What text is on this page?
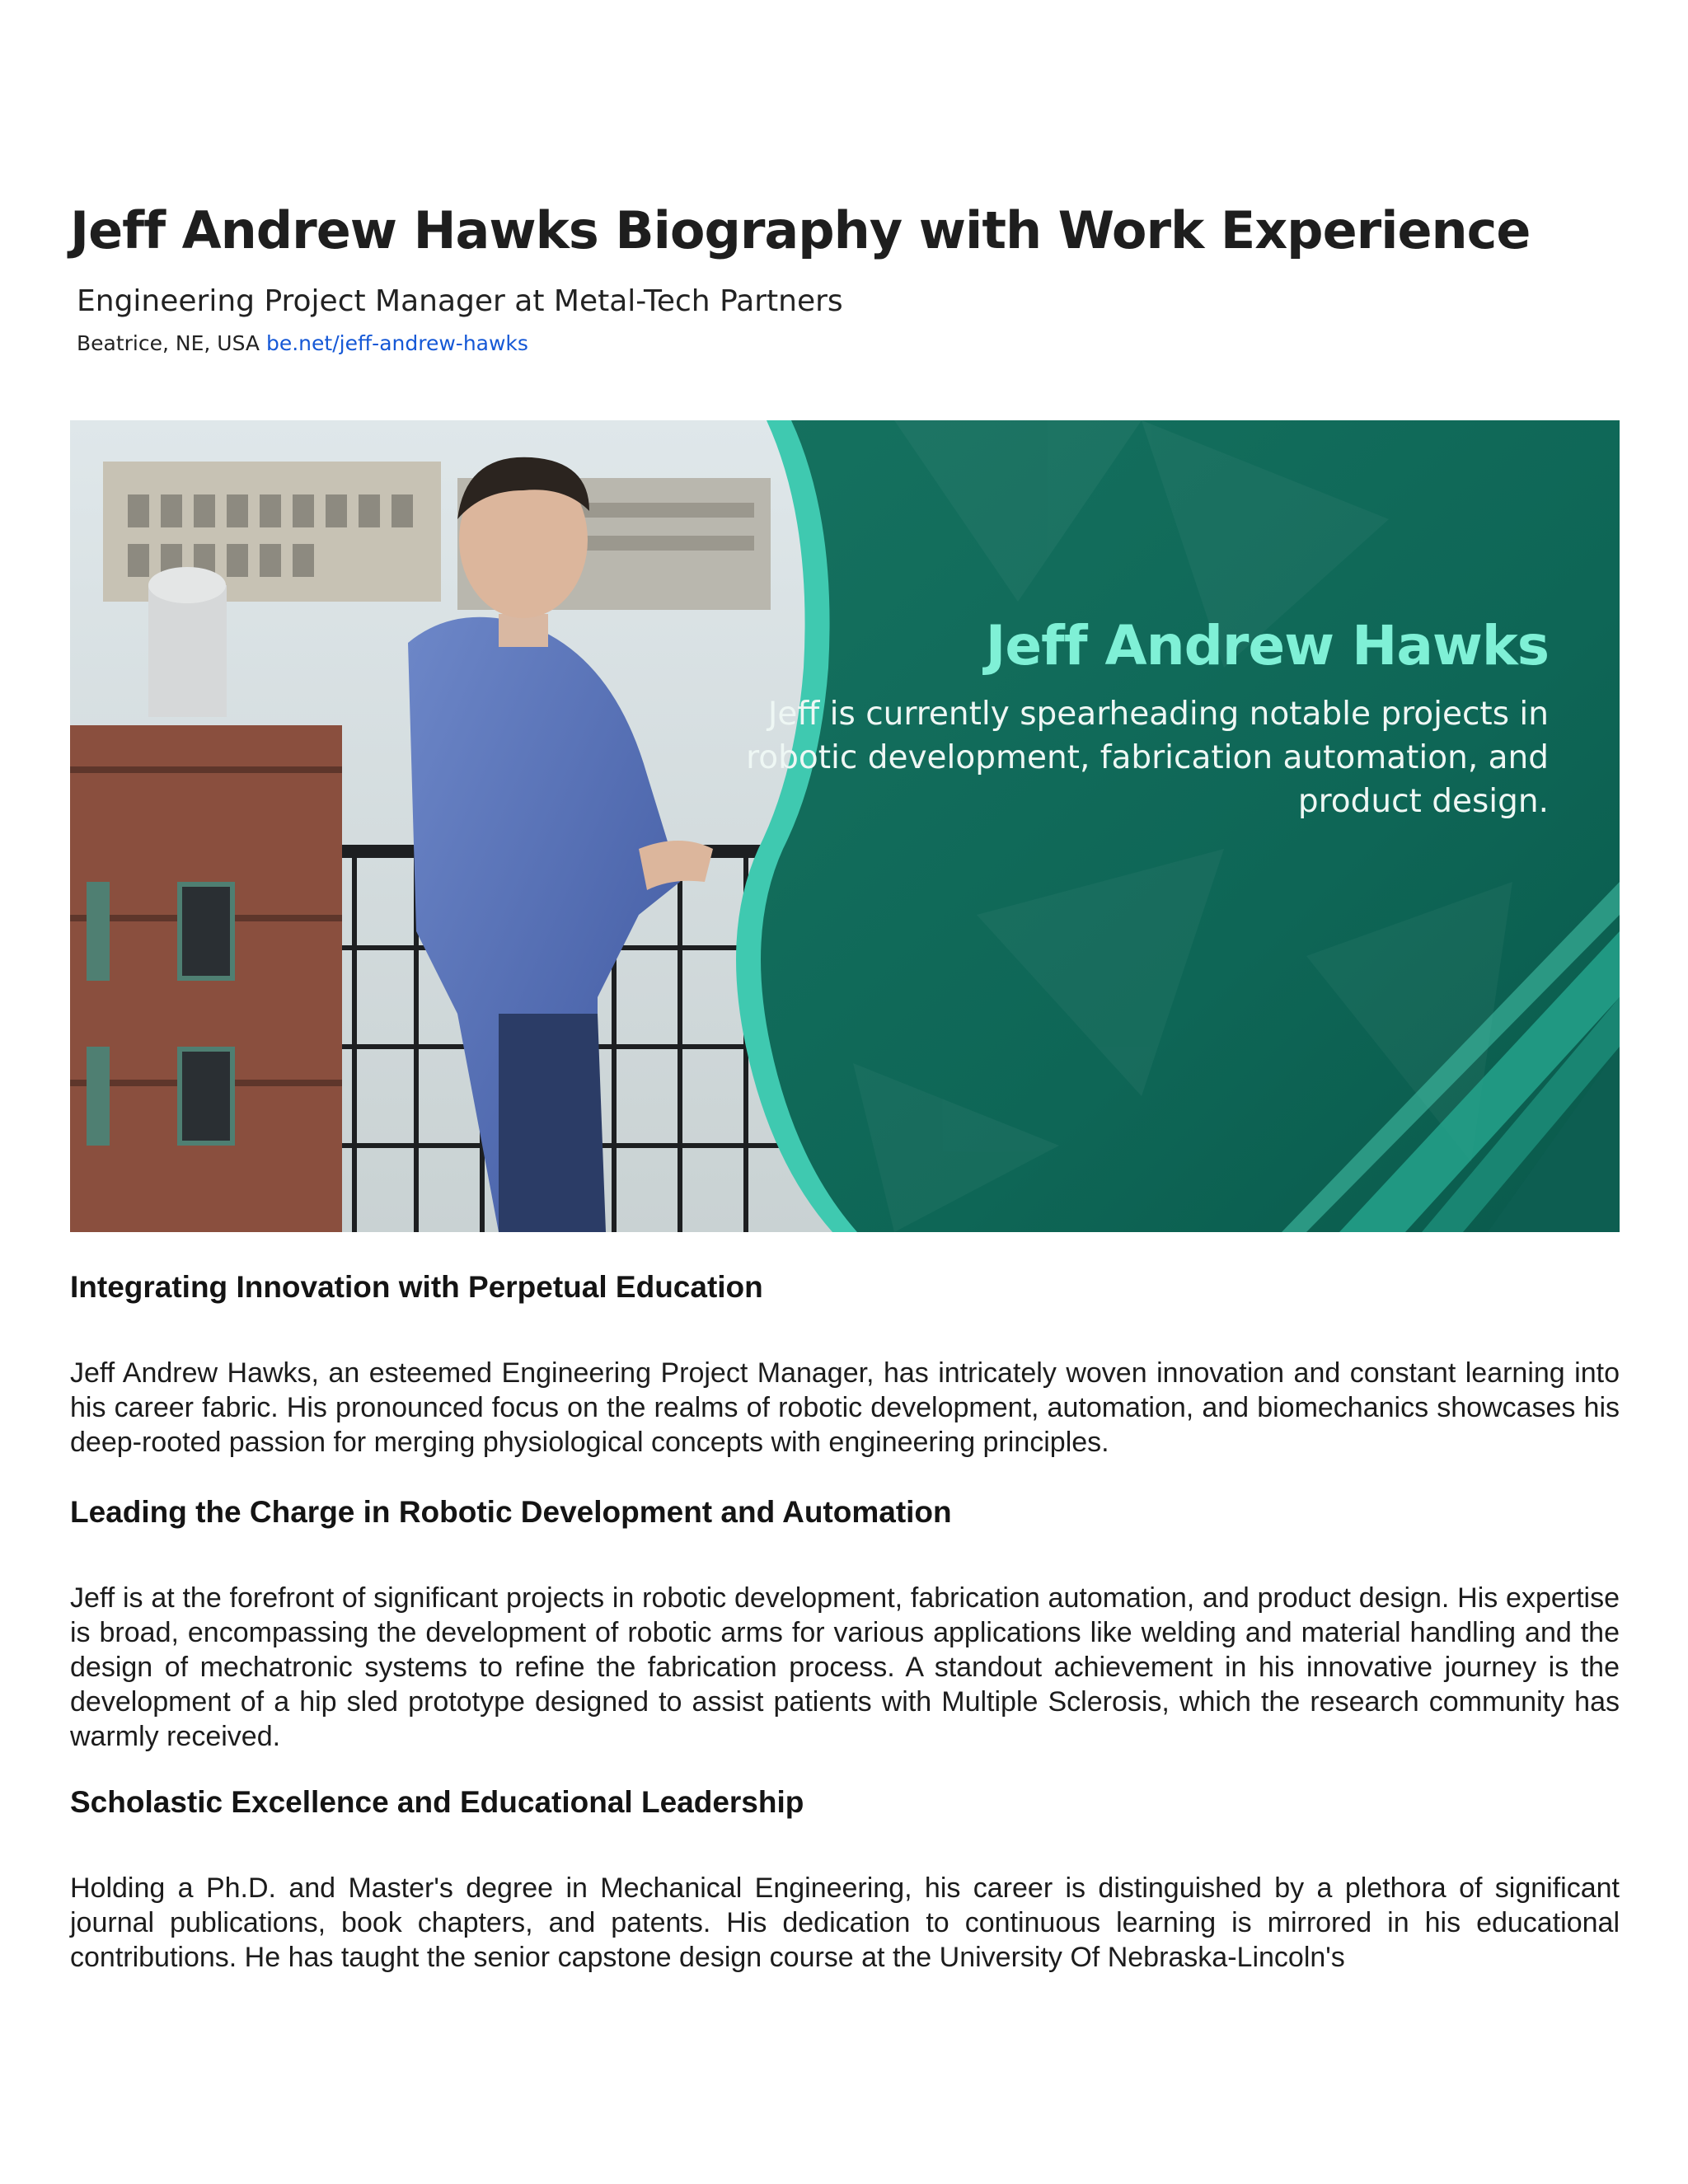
Jeff Andrew Hawks Biography with Work Experience
Engineering Project Manager at Metal-Tech Partners
Beatrice, NE, USA be.net/jeff-andrew-hawks
Jeff Andrew Hawks
Jeff is currently spearheading notable projects in robotic development, fabrication automation, and product design.
Integrating Innovation with Perpetual Education

Jeff Andrew Hawks, an esteemed Engineering Project Manager, has intricately woven innovation and constant learning into his career fabric. His pronounced focus on the realms of robotic development, automation, and biomechanics showcases his deep-rooted passion for merging physiological concepts with engineering principles.

Leading the Charge in Robotic Development and Automation

Jeff is at the forefront of significant projects in robotic development, fabrication automation, and product design. His expertise is broad, encompassing the development of robotic arms for various applications like welding and material handling and the design of mechatronic systems to refine the fabrication process. A standout achievement in his innovative journey is the development of a hip sled prototype designed to assist patients with Multiple Sclerosis, which the research community has warmly received.

Scholastic Excellence and Educational Leadership

Holding a Ph.D. and Master's degree in Mechanical Engineering, his career is distinguished by a plethora of significant journal publications, book chapters, and patents. His dedication to continuous learning is mirrored in his educational contributions. He has taught the senior capstone design course at the University Of Nebraska-Lincoln's
